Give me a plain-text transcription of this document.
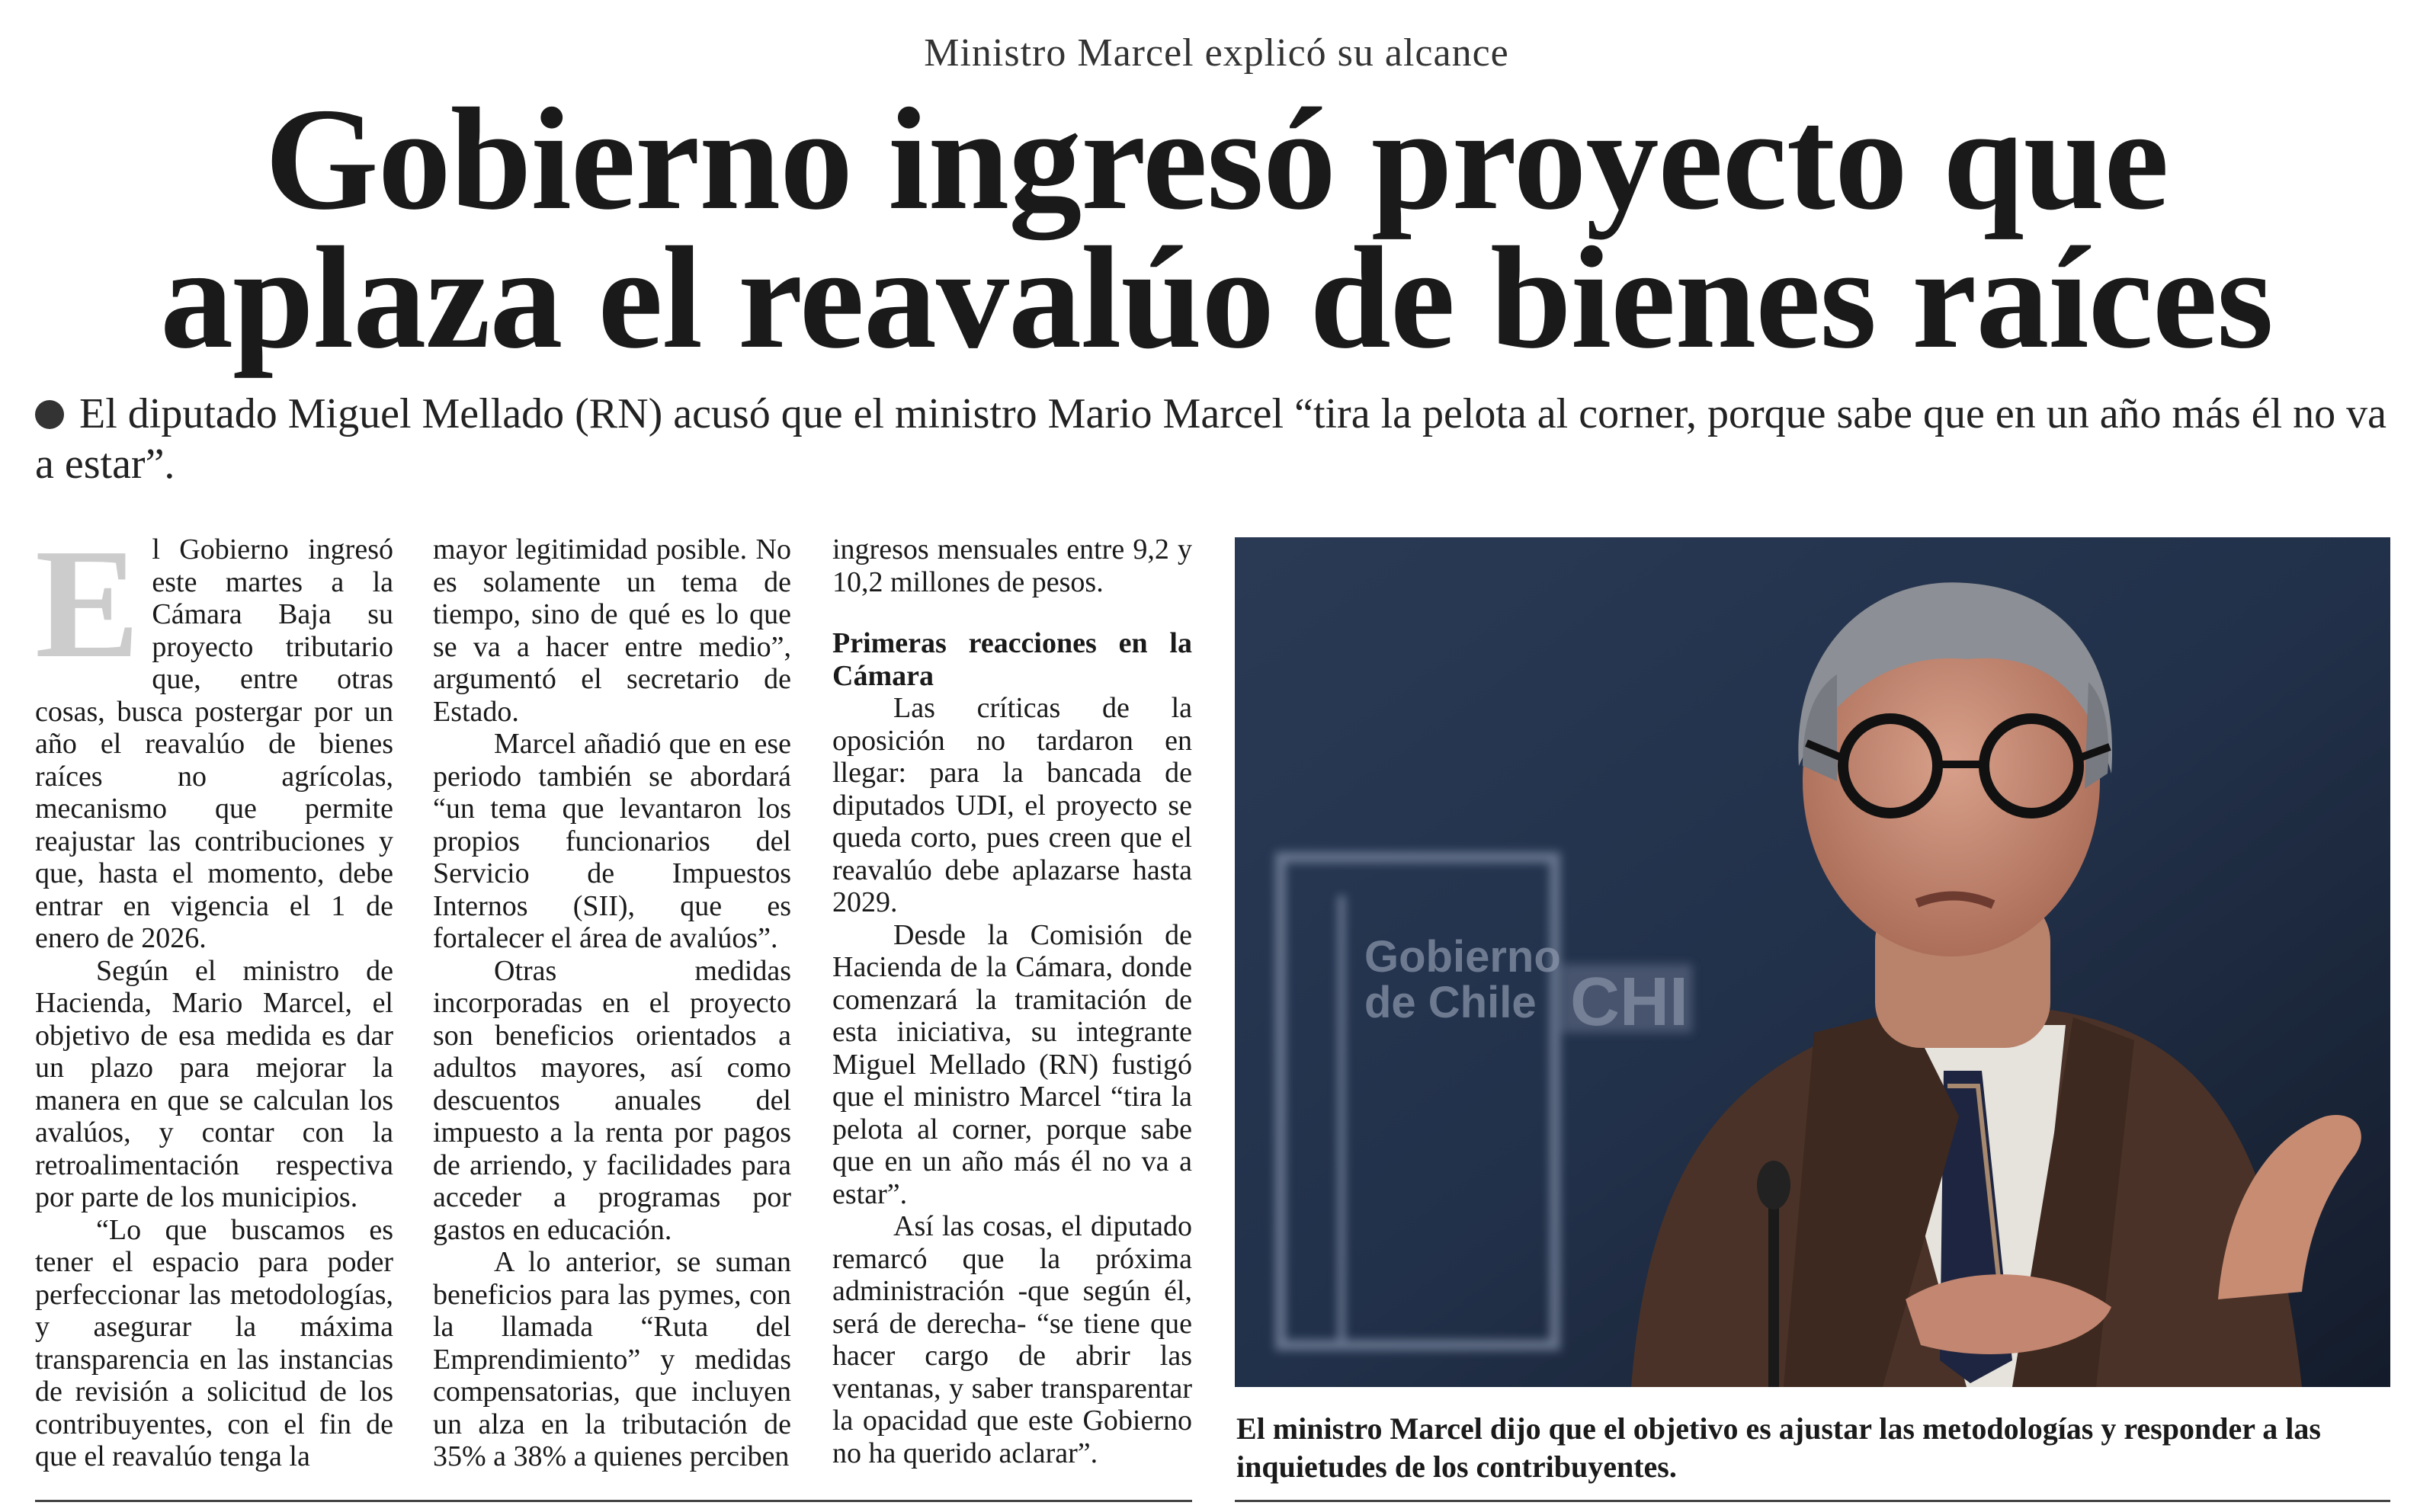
Ministro Marcel explicó su alcance
Gobierno ingresó proyecto que
aplaza el reavalúo de bienes raíces
El diputado Miguel Mellado (RN) acusó que el ministro Mario Marcel “tira la pelota al corner, porque sabe que en un año más él no va a estar”.

El Gobierno ingresó este martes a la Cámara Baja su proyecto tributario que, entre otras cosas, busca postergar por un año el reavalúo de bienes raíces no agrícolas, mecanismo que permite reajustar las contribuciones y que, hasta el momento, debe entrar en vigencia el 1 de enero de 2026.

Según el ministro de Hacienda, Mario Marcel, el objetivo de esa medida es dar un plazo para mejorar la manera en que se calculan los avalúos, y contar con la retroalimentación respectiva por parte de los municipios.

“Lo que buscamos es tener el espacio para poder perfeccionar las metodologías, y asegurar la máxima transparencia en las instancias de revisión a solicitud de los contribuyentes, con el fin de que el reavalúo tenga la

mayor legitimidad posible. No es solamente un tema de tiempo, sino de qué es lo que se va a hacer entre medio”, argumentó el secretario de Estado.

Marcel añadió que en ese periodo también se abordará “un tema que levantaron los propios funcionarios del Servicio de Impuestos Internos (SII), que es fortalecer el área de avalúos”.

Otras medidas incorporadas en el proyecto son beneficios orientados a adultos mayores, así como descuentos anuales del impuesto a la renta por pagos de arriendo, y facilidades para acceder a programas por gastos en educación.

A lo anterior, se suman beneficios para las pymes, con la llamada “Ruta del Emprendimiento” y medidas compensatorias, que incluyen un alza en la tributación de 35% a 38% a quienes perciben

ingresos mensuales entre 9,2 y 10,2 millones de pesos.

Primeras reacciones en la Cámara

Las críticas de la oposición no tardaron en llegar: para la bancada de diputados UDI, el proyecto se queda corto, pues creen que el reavalúo debe aplazarse hasta 2029.

Desde la Comisión de Hacienda de la Cámara, donde comenzará la tramitación de esta iniciativa, su integrante Miguel Mellado (RN) fustigó que el ministro Marcel “tira la pelota al corner, porque sabe que en un año más él no va a estar”.

Así las cosas, el diputado remarcó que la próxima administración -que según él, será de derecha- “se tiene que hacer cargo de abrir las ventanas, y saber transparentar la opacidad que este Gobierno no ha querido aclarar”.

Gobierno
de Chile CHI
El ministro Marcel dijo que el objetivo es ajustar las metodologías y responder a las inquietudes de los contribuyentes.
